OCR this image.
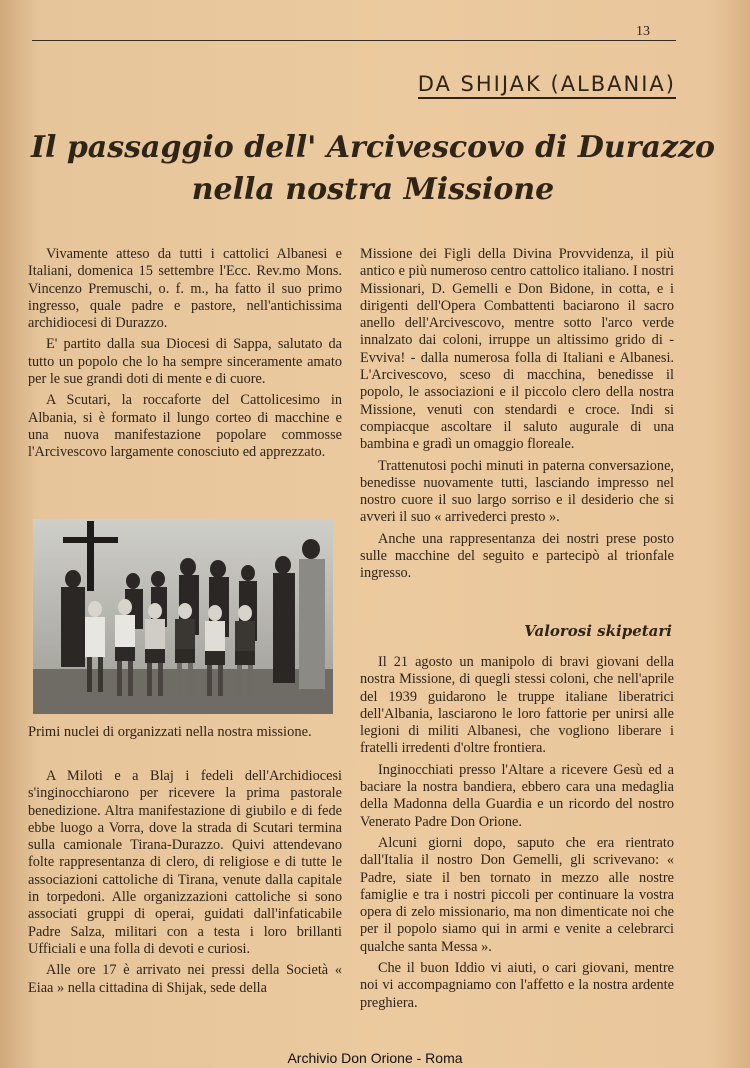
13
DA SHIJAK (ALBANIA)
Il passaggio dell' Arcivescovo di Durazzo
nella nostra Missione

Vivamente atteso da tutti i cattolici Albanesi e Italiani, domenica 15 settembre l'Ecc. Rev.mo Mons. Vincenzo Premuschi, o. f. m., ha fatto il suo primo ingresso, quale padre e pastore, nell'antichissima archidiocesi di Durazzo.

E' partito dalla sua Diocesi di Sappa, salutato da tutto un popolo che lo ha sempre sinceramente amato per le sue grandi doti di mente e di cuore.

A Scutari, la roccaforte del Cattolicesimo in Albania, si è formato il lungo corteo di macchine e una nuova manifestazione popolare commosse l'Arcivescovo largamente conosciuto ed apprezzato.

Primi nuclei di organizzati nella nostra missione.

A Miloti e a Blaj i fedeli dell'Archidiocesi s'inginocchiarono per ricevere la prima pastorale benedizione. Altra manifestazione di giubilo e di fede ebbe luogo a Vorra, dove la strada di Scutari termina sulla camionale Tirana-Durazzo. Quivi attendevano folte rappresentanza di clero, di religiose e di tutte le associazioni cattoliche di Tirana, venute dalla capitale in torpedoni. Alle organizzazioni cattoliche si sono associati gruppi di operai, guidati dall'infaticabile Padre Salza, militari con a testa i loro brillanti Ufficiali e una folla di devoti e curiosi.

Alle ore 17 è arrivato nei pressi della Società « Eiaa » nella cittadina di Shijak, sede della

Missione dei Figli della Divina Provvidenza, il più antico e più numeroso centro cattolico italiano. I nostri Missionari, D. Gemelli e Don Bidone, in cotta, e i dirigenti dell'Opera Combattenti baciarono il sacro anello dell'Arcivescovo, mentre sotto l'arco verde innalzato dai coloni, irruppe un altissimo grido di - Evviva! - dalla numerosa folla di Italiani e Albanesi. L'Arcivescovo, sceso di macchina, benedisse il popolo, le associazioni e il piccolo clero della nostra Missione, venuti con stendardi e croce. Indi si compiacque ascoltare il saluto augurale di una bambina e gradì un omaggio floreale.

Trattenutosi pochi minuti in paterna conversazione, benedisse nuovamente tutti, lasciando impresso nel nostro cuore il suo largo sorriso e il desiderio che si avveri il suo « arrivederci presto ».

Anche una rappresentanza dei nostri prese posto sulle macchine del seguito e partecipò al trionfale ingresso.

Valorosi skipetari

Il 21 agosto un manipolo di bravi giovani della nostra Missione, di quegli stessi coloni, che nell'aprile del 1939 guidarono le truppe italiane liberatrici dell'Albania, lasciarono le loro fattorie per unirsi alle legioni di militi Albanesi, che vogliono liberare i fratelli irredenti d'oltre frontiera.

Inginocchiati presso l'Altare a ricevere Gesù ed a baciare la nostra bandiera, ebbero cara una medaglia della Madonna della Guardia e un ricordo del nostro Venerato Padre Don Orione.

Alcuni giorni dopo, saputo che era rientrato dall'Italia il nostro Don Gemelli, gli scrivevano: « Padre, siate il ben tornato in mezzo alle nostre famiglie e tra i nostri piccoli per continuare la vostra opera di zelo missionario, ma non dimenticate noi che per il popolo siamo qui in armi e venite a celebrarci qualche santa Messa ».

Che il buon Iddio vi aiuti, o cari giovani, mentre noi vi accompagniamo con l'affetto e la nostra ardente preghiera.

Archivio Don Orione - Roma
